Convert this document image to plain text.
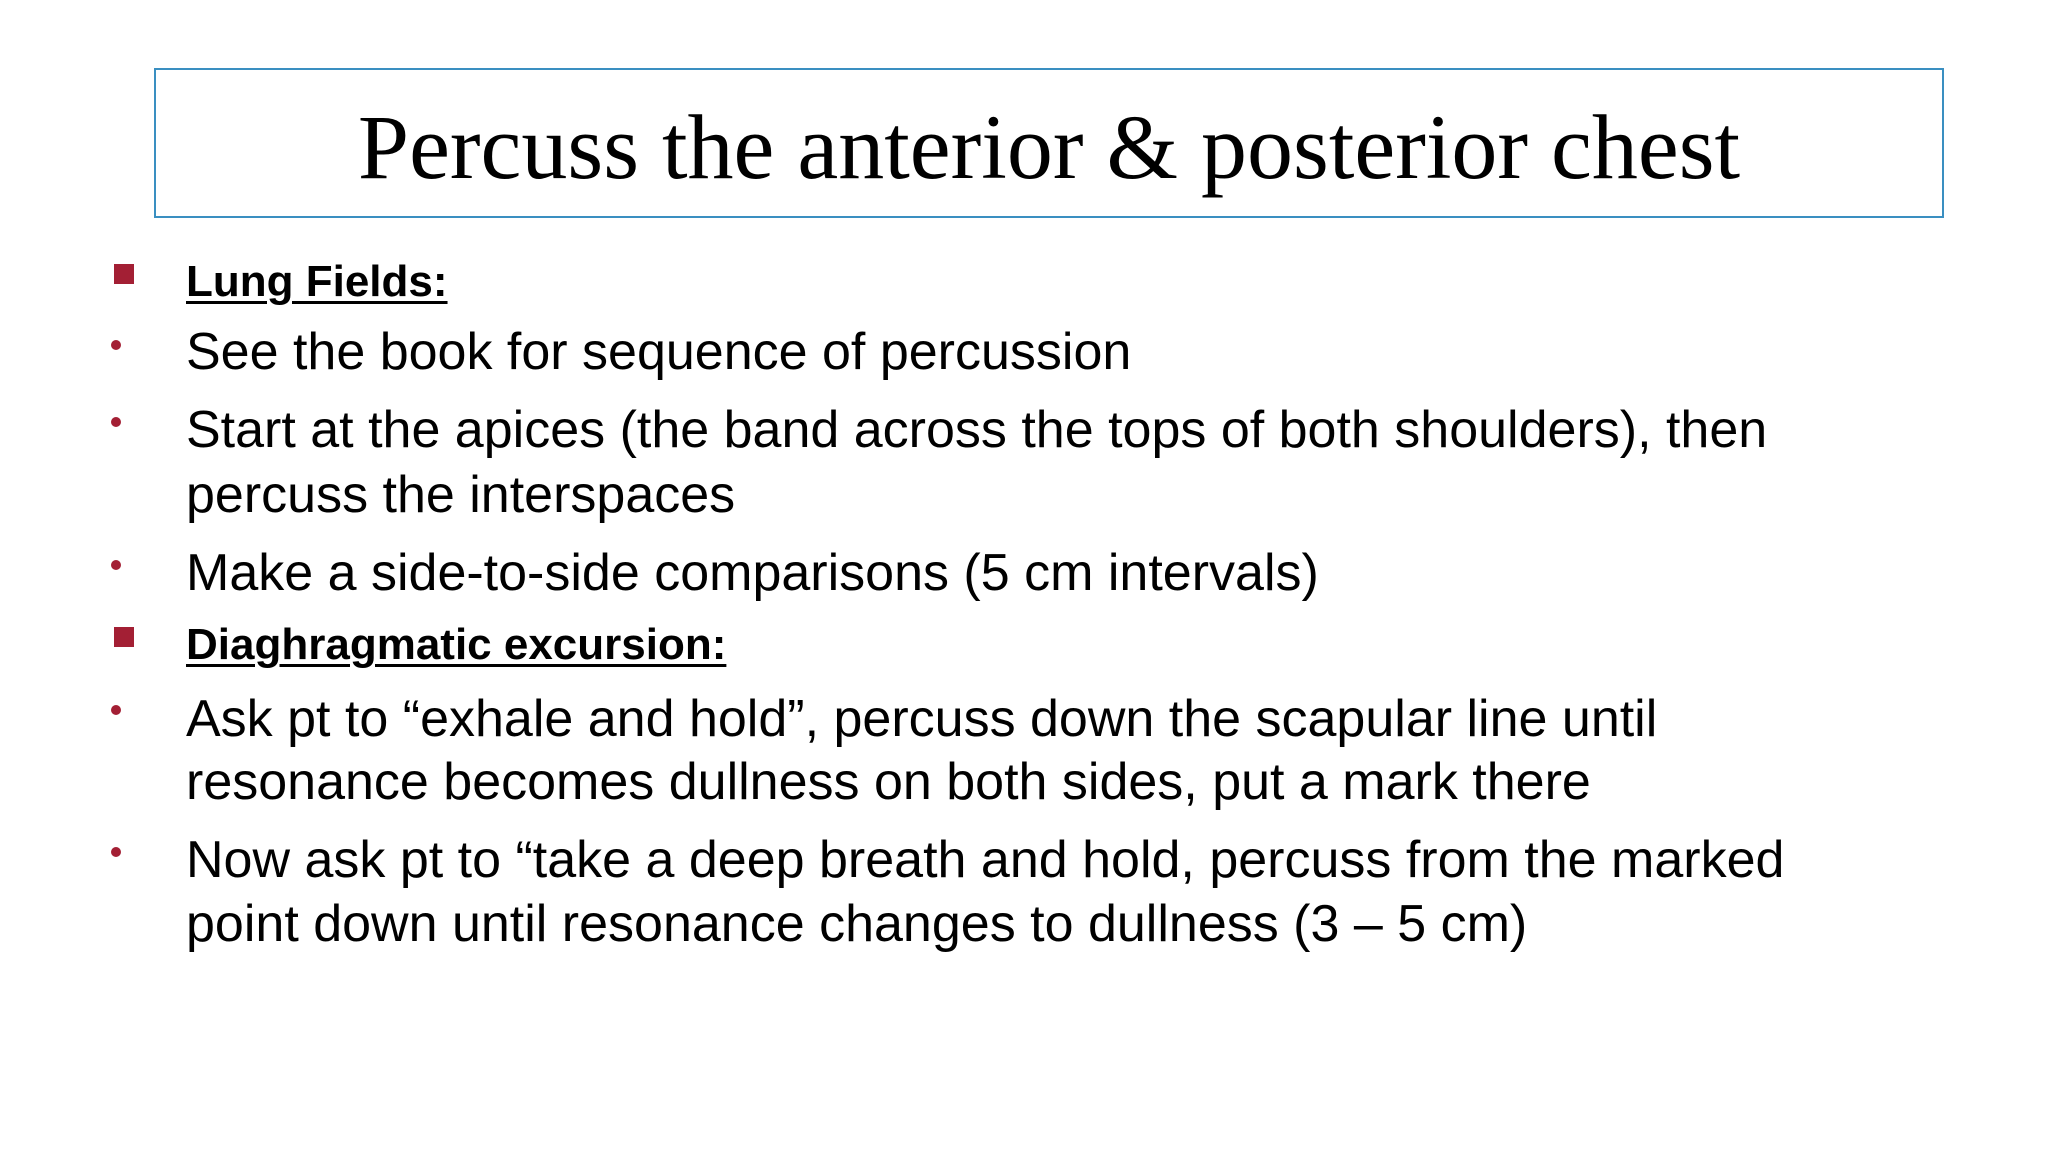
Percuss the anterior & posterior chest
Lung Fields:
See the book for sequence of percussion
Start at the apices (the band across the tops of both shoulders), then
percuss the interspaces
Make a side-to-side comparisons (5 cm intervals)
Diaghragmatic excursion:
Ask pt to “exhale and hold”, percuss down the scapular line until
resonance becomes dullness on both sides, put a mark there
Now ask pt to “take a deep breath and hold, percuss from the marked
point down until resonance changes to dullness (3 – 5 cm)
